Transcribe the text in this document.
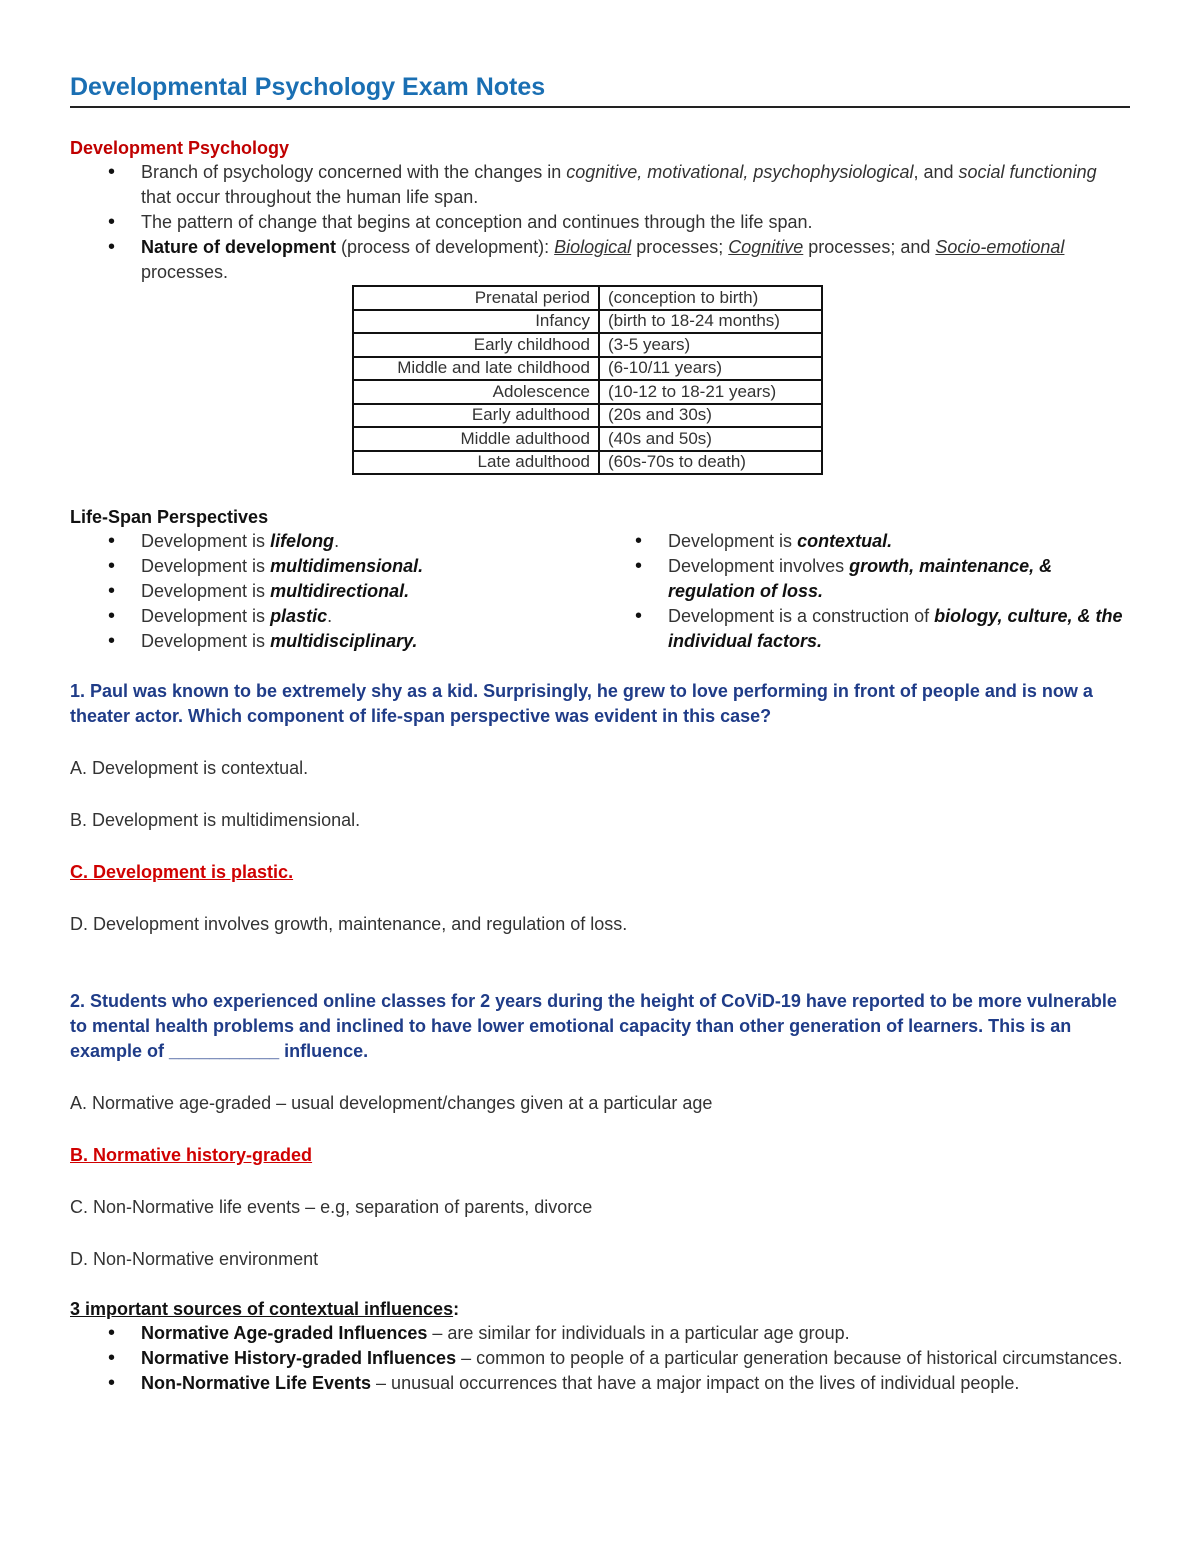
Developmental Psychology Exam Notes
Development Psychology
• Branch of psychology concerned with the changes in cognitive, motivational, psychophysiological, and social functioning that occur throughout the human life span.
• The pattern of change that begins at conception and continues through the life span.
• Nature of development (process of development): Biological processes; Cognitive processes; and Socio-emotional processes.
Prenatal period	(conception to birth)
Infancy	(birth to 18-24 months)
Early childhood	(3-5 years)
Middle and late childhood	(6-10/11 years)
Adolescence	(10-12 to 18-21 years)
Early adulthood	(20s and 30s)
Middle adulthood	(40s and 50s)
Late adulthood	(60s-70s to death)
Life-Span Perspectives
• Development is lifelong.
• Development is multidimensional.
• Development is multidirectional.
• Development is plastic.
• Development is multidisciplinary.
• Development is contextual.
• Development involves growth, maintenance, & regulation of loss.
• Development is a construction of biology, culture, & the individual factors.
1. Paul was known to be extremely shy as a kid. Surprisingly, he grew to love performing in front of people and is now a theater actor. Which component of life-span perspective was evident in this case?
A. Development is contextual.
B. Development is multidimensional.
C. Development is plastic.
D. Development involves growth, maintenance, and regulation of loss.
2. Students who experienced online classes for 2 years during the height of CoViD-19 have reported to be more vulnerable to mental health problems and inclined to have lower emotional capacity than other generation of learners. This is an example of ___________ influence.
A. Normative age-graded – usual development/changes given at a particular age
B. Normative history-graded
C. Non-Normative life events – e.g, separation of parents, divorce
D. Non-Normative environment
3 important sources of contextual influences:
• Normative Age-graded Influences – are similar for individuals in a particular age group.
• Normative History-graded Influences – common to people of a particular generation because of historical circumstances.
• Non-Normative Life Events – unusual occurrences that have a major impact on the lives of individual people.
